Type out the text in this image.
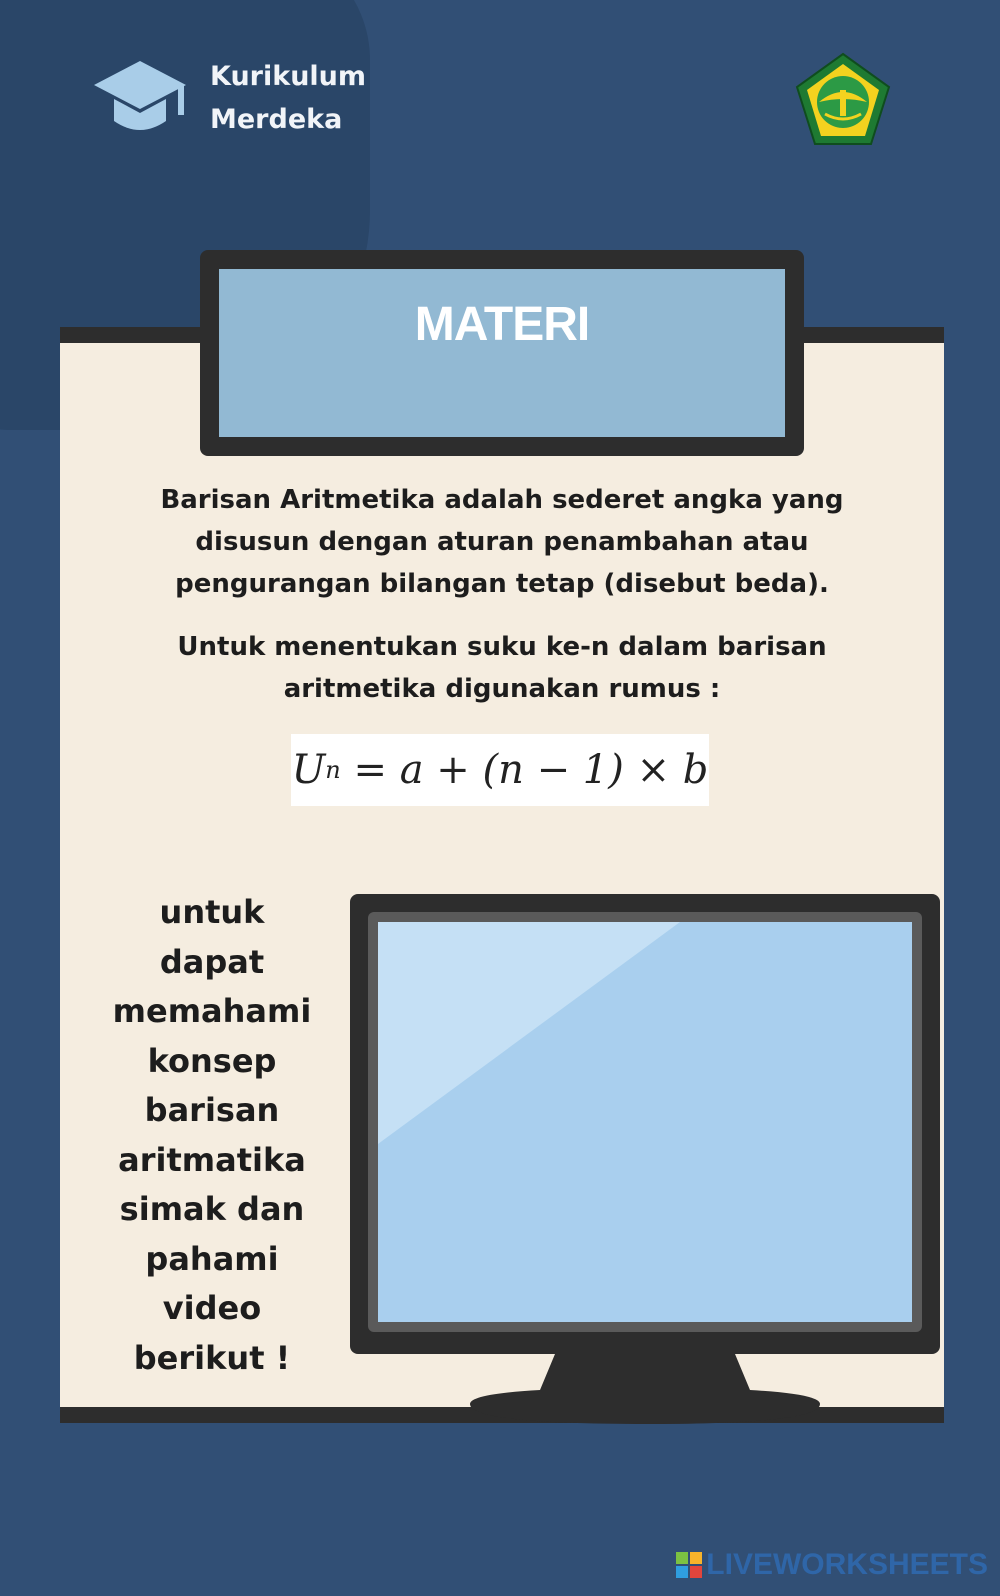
Kurikulum
Merdeka
MATERI

Barisan Aritmetika adalah sederet angka yang disusun dengan aturan penambahan atau pengurangan bilangan tetap (disebut beda).

Untuk menentukan suku ke-n dalam barisan aritmetika digunakan rumus :

U n
= a + (n − 1) × b

untuk dapat memahami konsep barisan aritmatika simak dan pahami video berikut !

LIVEWORKSHEETS
